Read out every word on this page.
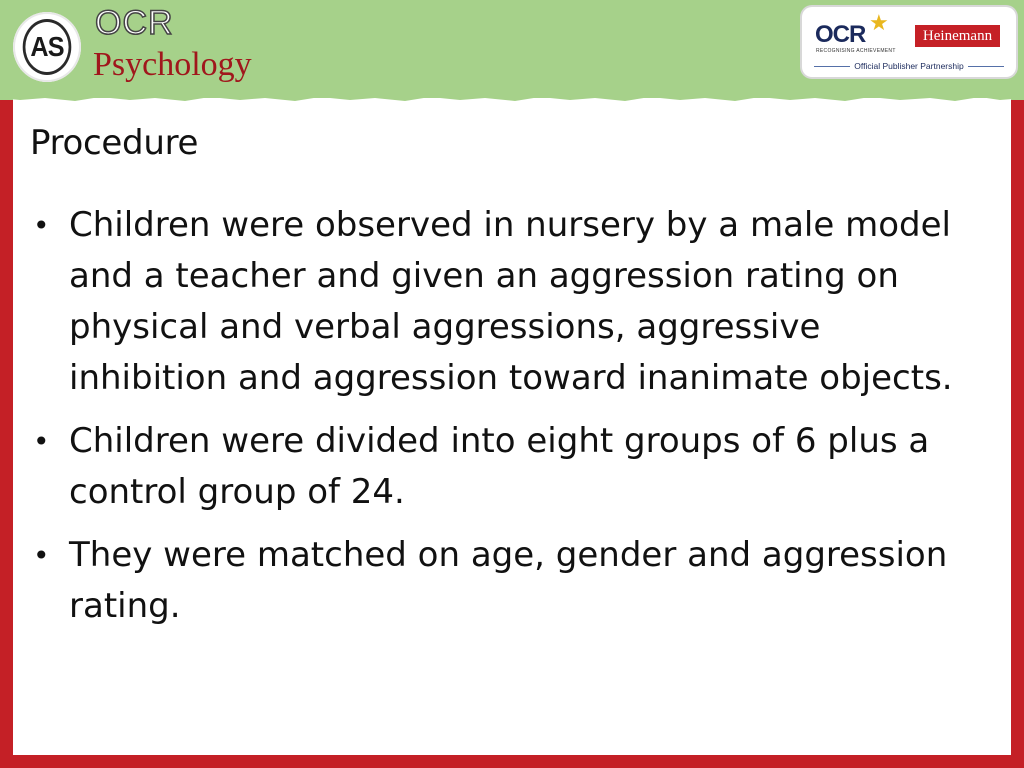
AS
OCR
Psychology
OCR ★
RECOGNISING ACHIEVEMENT
Heinemann
Official Publisher Partnership
Procedure
• Children were observed in nursery by a male model and a teacher and given an aggression rating on physical and verbal aggressions, aggressive inhibition and aggression toward inanimate objects.
• Children were divided into eight groups of 6 plus a control group of 24.
• They were matched on age, gender and aggression rating.
